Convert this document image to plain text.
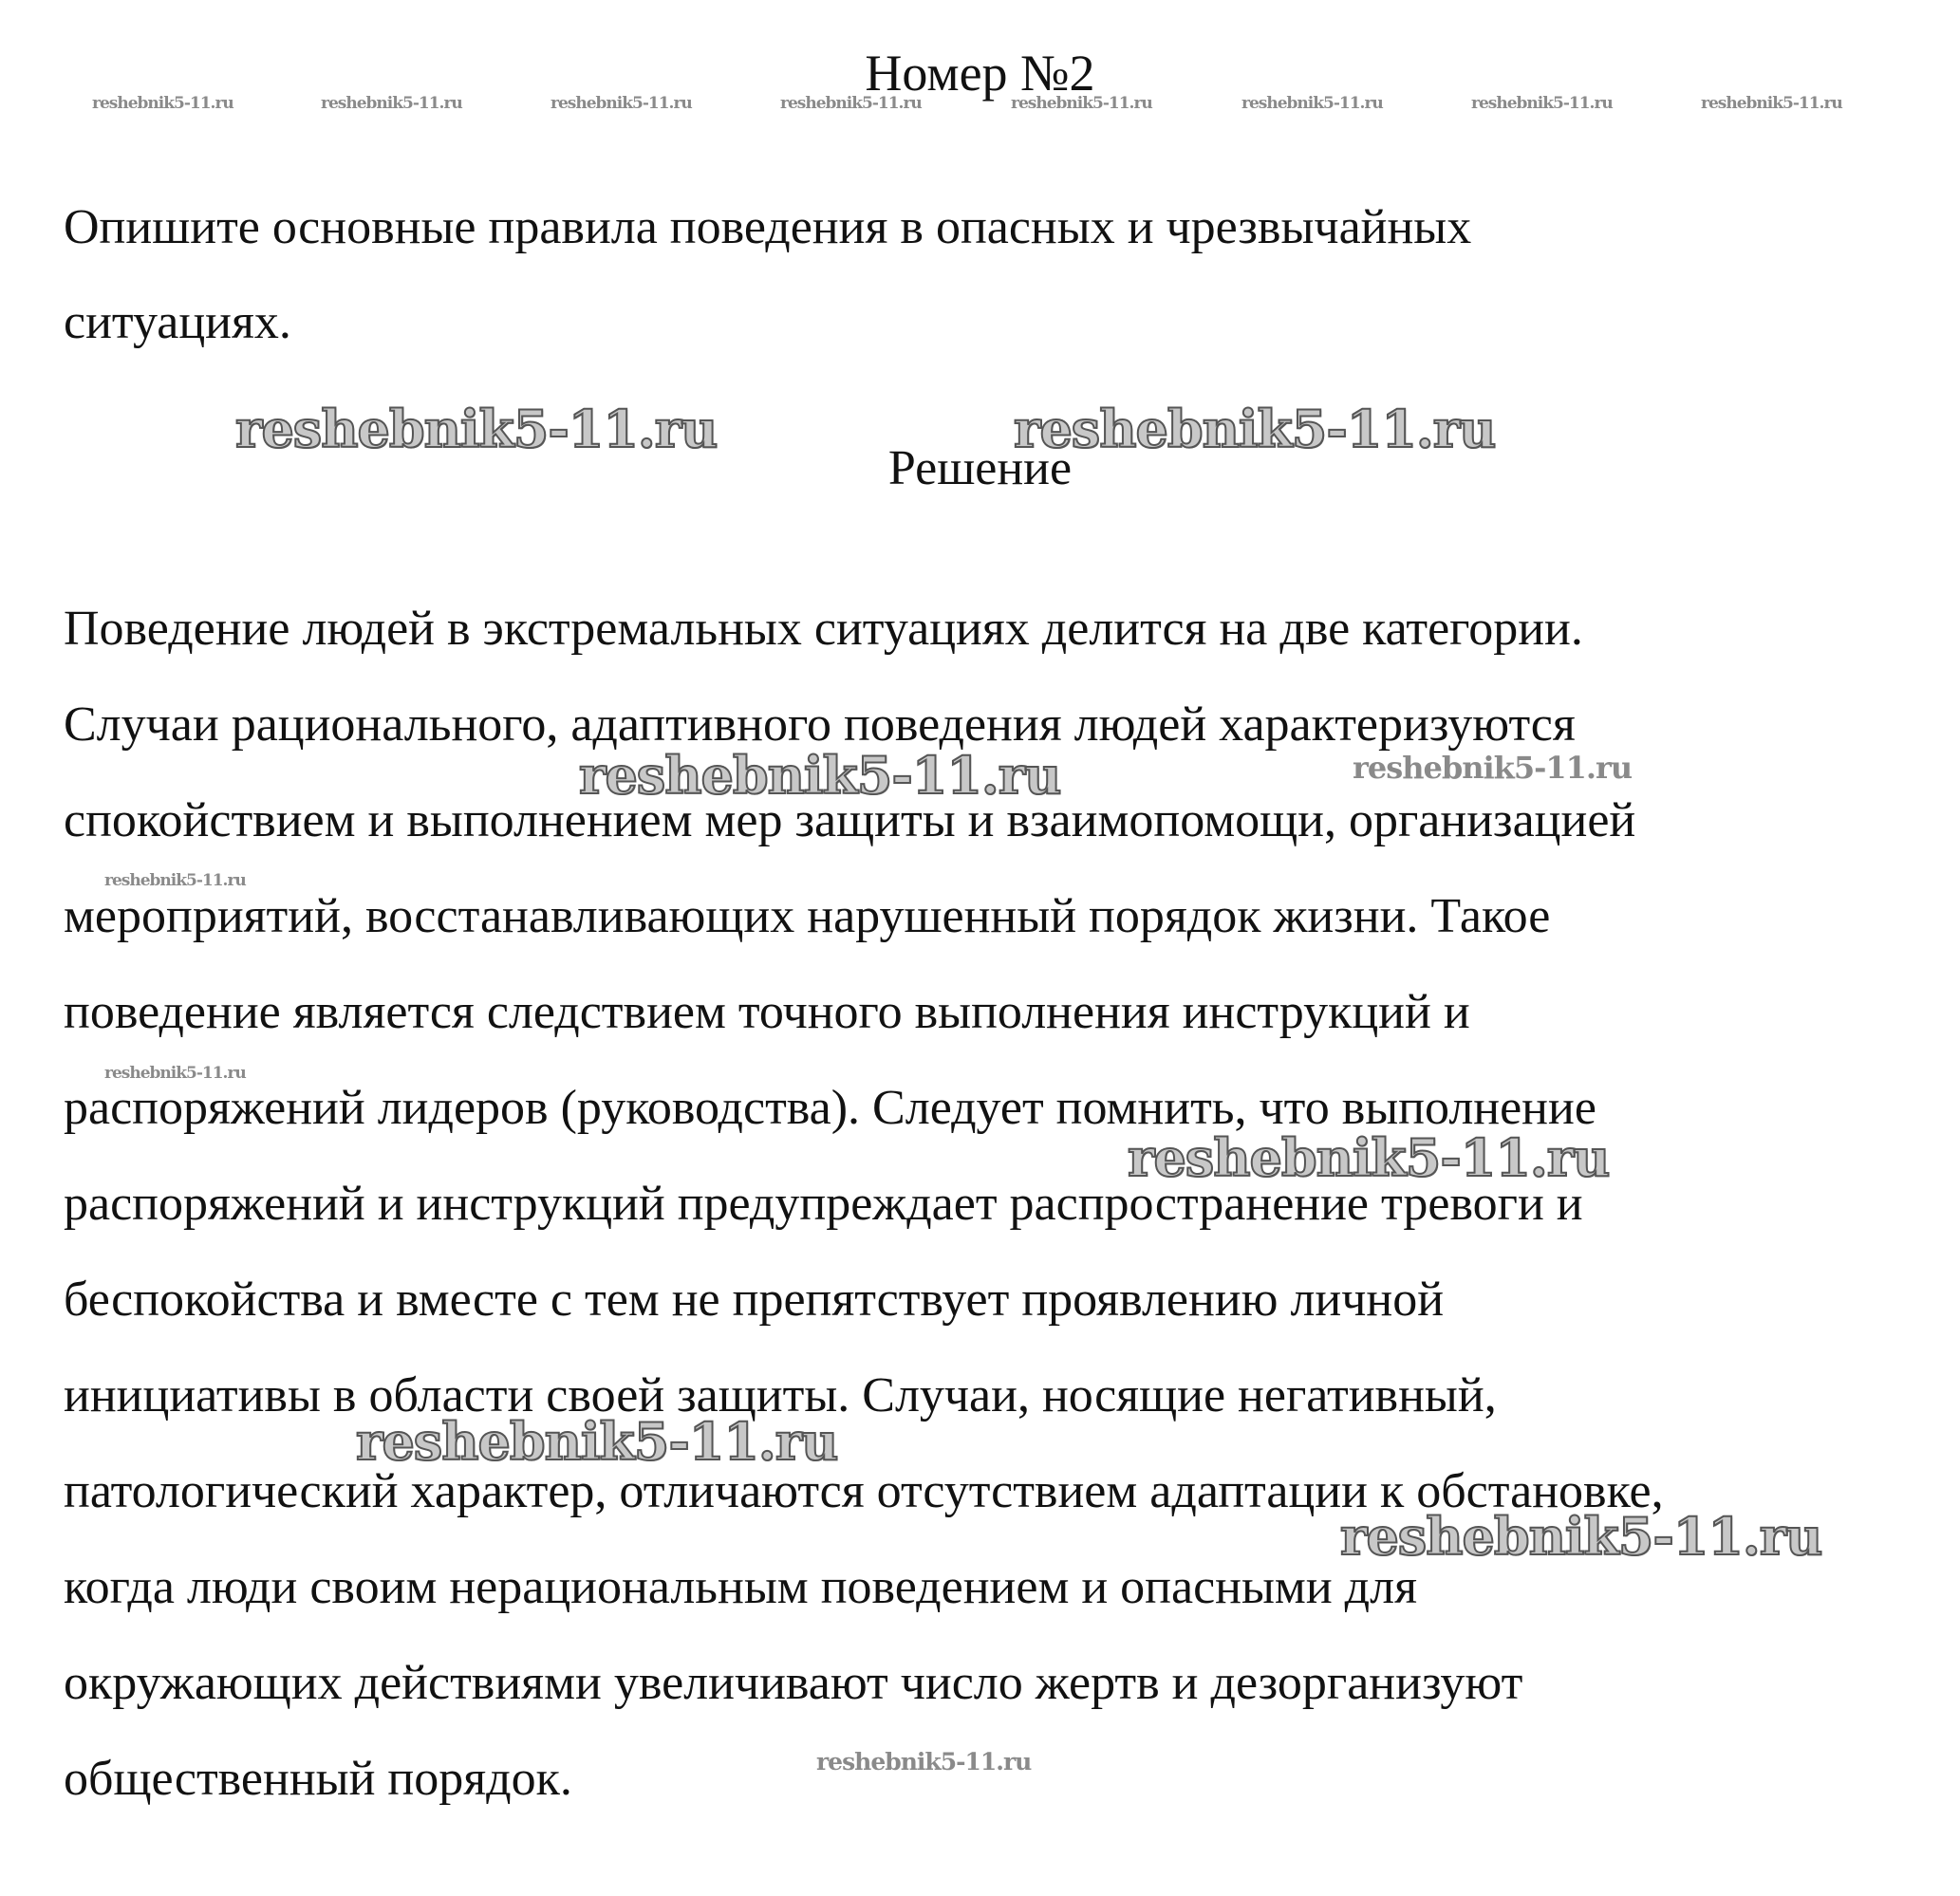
Номер №2
reshebnik5-11.ru	reshebnik5-11.ru	reshebnik5-11.ru	reshebnik5-11.ru	reshebnik5-11.ru	reshebnik5-11.ru	reshebnik5-11.ru	reshebnik5-11.ru
Опишите основные правила поведения в опасных и чрезвычайных
ситуациях.
reshebnik5-11.ru	reshebnik5-11.ru
Решение
Поведение людей в экстремальных ситуациях делится на две категории.
Случаи рационального, адаптивного поведения людей характеризуются
спокойствием и выполнением мер защиты и взаимопомощи, организацией
мероприятий, восстанавливающих нарушенный порядок жизни. Такое
поведение является следствием точного выполнения инструкций и
распоряжений лидеров (руководства). Следует помнить, что выполнение
распоряжений и инструкций предупреждает распространение тревоги и
беспокойства и вместе с тем не препятствует проявлению личной
инициативы в области своей защиты. Случаи, носящие негативный,
патологический характер, отличаются отсутствием адаптации к обстановке,
когда люди своим нерациональным поведением и опасными для
окружающих действиями увеличивают число жертв и дезорганизуют
общественный порядок.
reshebnik5-11.ru	reshebnik5-11.ru
reshebnik5-11.ru
reshebnik5-11.ru
reshebnik5-11.ru
reshebnik5-11.ru
reshebnik5-11.ru
reshebnik5-11.ru
